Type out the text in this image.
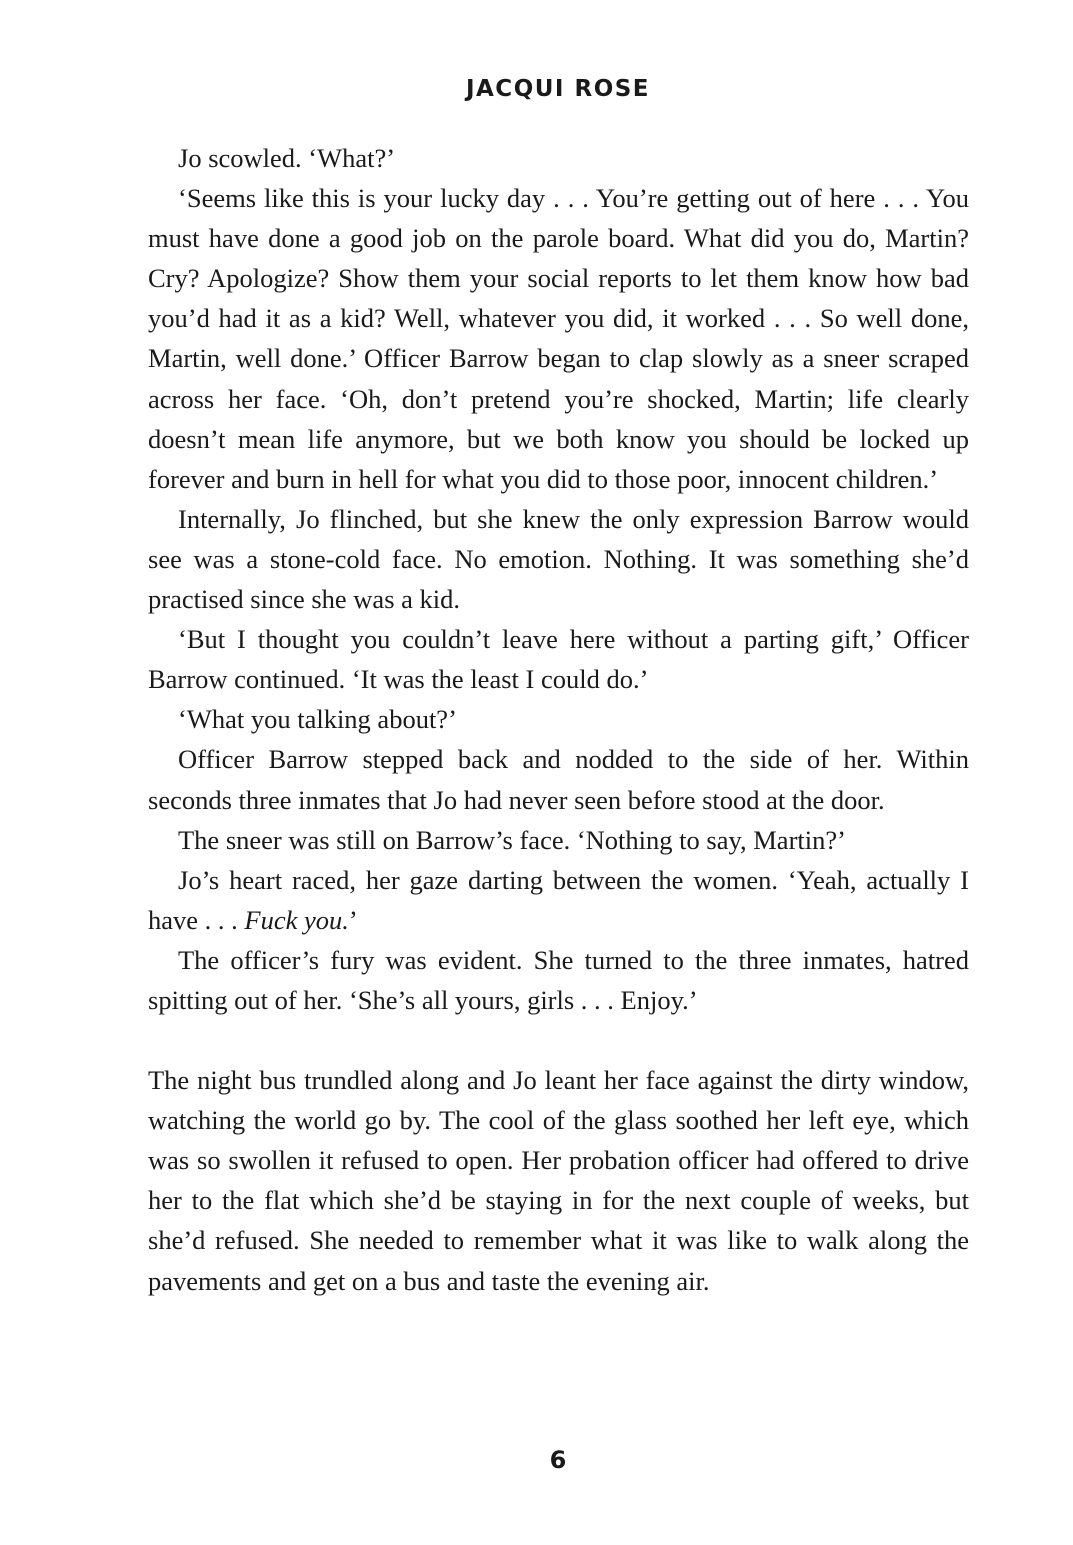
JACQUI ROSE

Jo scowled. ‘What?’

‘Seems like this is your lucky day . . . You’re getting out of here . . . You must have done a good job on the parole board. What did you do, Martin? Cry? Apologize? Show them your social reports to let them know how bad you’d had it as a kid? Well, whatever you did, it worked . . . So well done, Martin, well done.’ Officer Barrow began to clap slowly as a sneer scraped across her face. ‘Oh, don’t pretend you’re shocked, Martin; life clearly doesn’t mean life anymore, but we both know you should be locked up forever and burn in hell for what you did to those poor, innocent children.’

Internally, Jo flinched, but she knew the only expression Barrow would see was a stone-cold face. No emotion. Nothing. It was something she’d practised since she was a kid.

‘But I thought you couldn’t leave here without a parting gift,’ Officer Barrow continued. ‘It was the least I could do.’

‘What you talking about?’

Officer Barrow stepped back and nodded to the side of her. Within seconds three inmates that Jo had never seen before stood at the door.

The sneer was still on Barrow’s face. ‘Nothing to say, Martin?’

Jo’s heart raced, her gaze darting between the women. ‘Yeah, actually I have . . . Fuck you.’

The officer’s fury was evident. She turned to the three inmates, hatred spitting out of her. ‘She’s all yours, girls . . . Enjoy.’

The night bus trundled along and Jo leant her face against the dirty window, watching the world go by. The cool of the glass soothed her left eye, which was so swollen it refused to open. Her probation officer had offered to drive her to the flat which she’d be staying in for the next couple of weeks, but she’d refused. She needed to remember what it was like to walk along the pavements and get on a bus and taste the evening air.

6
